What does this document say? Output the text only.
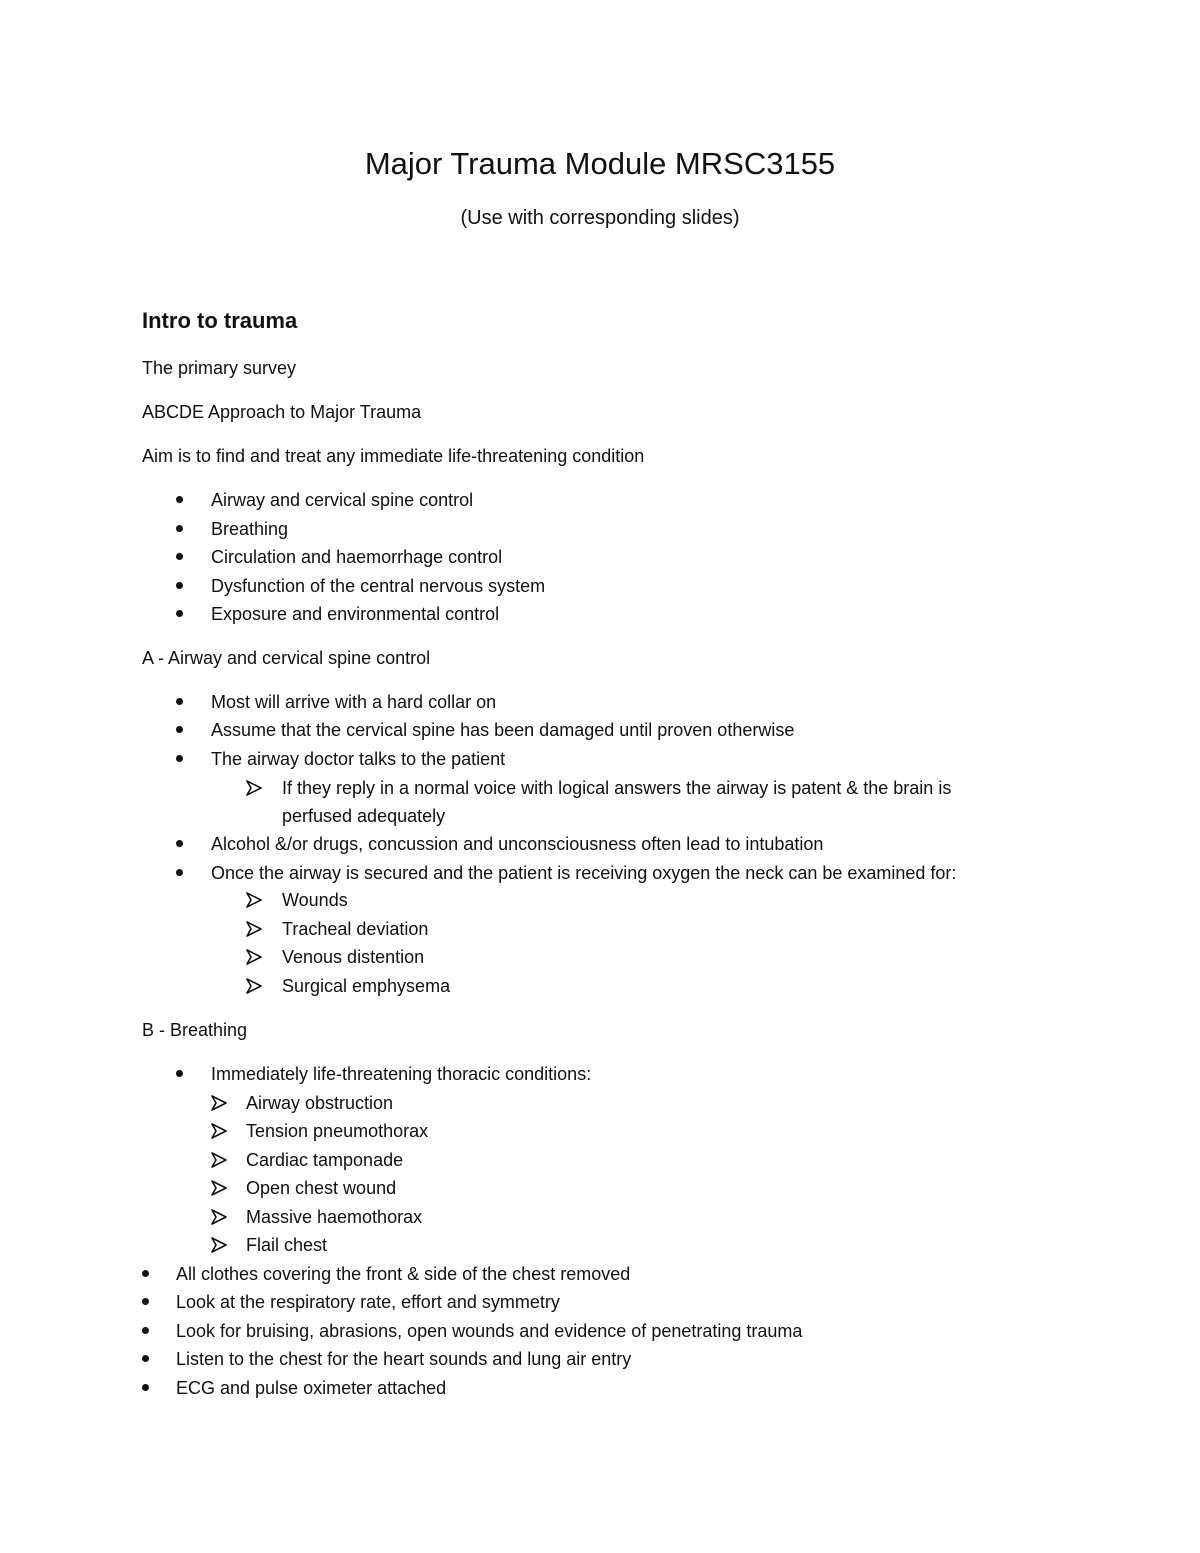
Major Trauma Module MRSC3155
(Use with corresponding slides)
Intro to trauma
The primary survey
ABCDE Approach to Major Trauma
Aim is to find and treat any immediate life-threatening condition
Airway and cervical spine control
Breathing
Circulation and haemorrhage control
Dysfunction of the central nervous system
Exposure and environmental control
A - Airway and cervical spine control
Most will arrive with a hard collar on
Assume that the cervical spine has been damaged until proven otherwise
The airway doctor talks to the patient
If they reply in a normal voice with logical answers the airway is patent & the brain is
perfused adequately
Alcohol &/or drugs, concussion and unconsciousness often lead to intubation
Once the airway is secured and the patient is receiving oxygen the neck can be examined for:
Wounds
Tracheal deviation
Venous distention
Surgical emphysema
B - Breathing
Immediately life-threatening thoracic conditions:
Airway obstruction
Tension pneumothorax
Cardiac tamponade
Open chest wound
Massive haemothorax
Flail chest
All clothes covering the front & side of the chest removed
Look at the respiratory rate, effort and symmetry
Look for bruising, abrasions, open wounds and evidence of penetrating trauma
Listen to the chest for the heart sounds and lung air entry
ECG and pulse oximeter attached
